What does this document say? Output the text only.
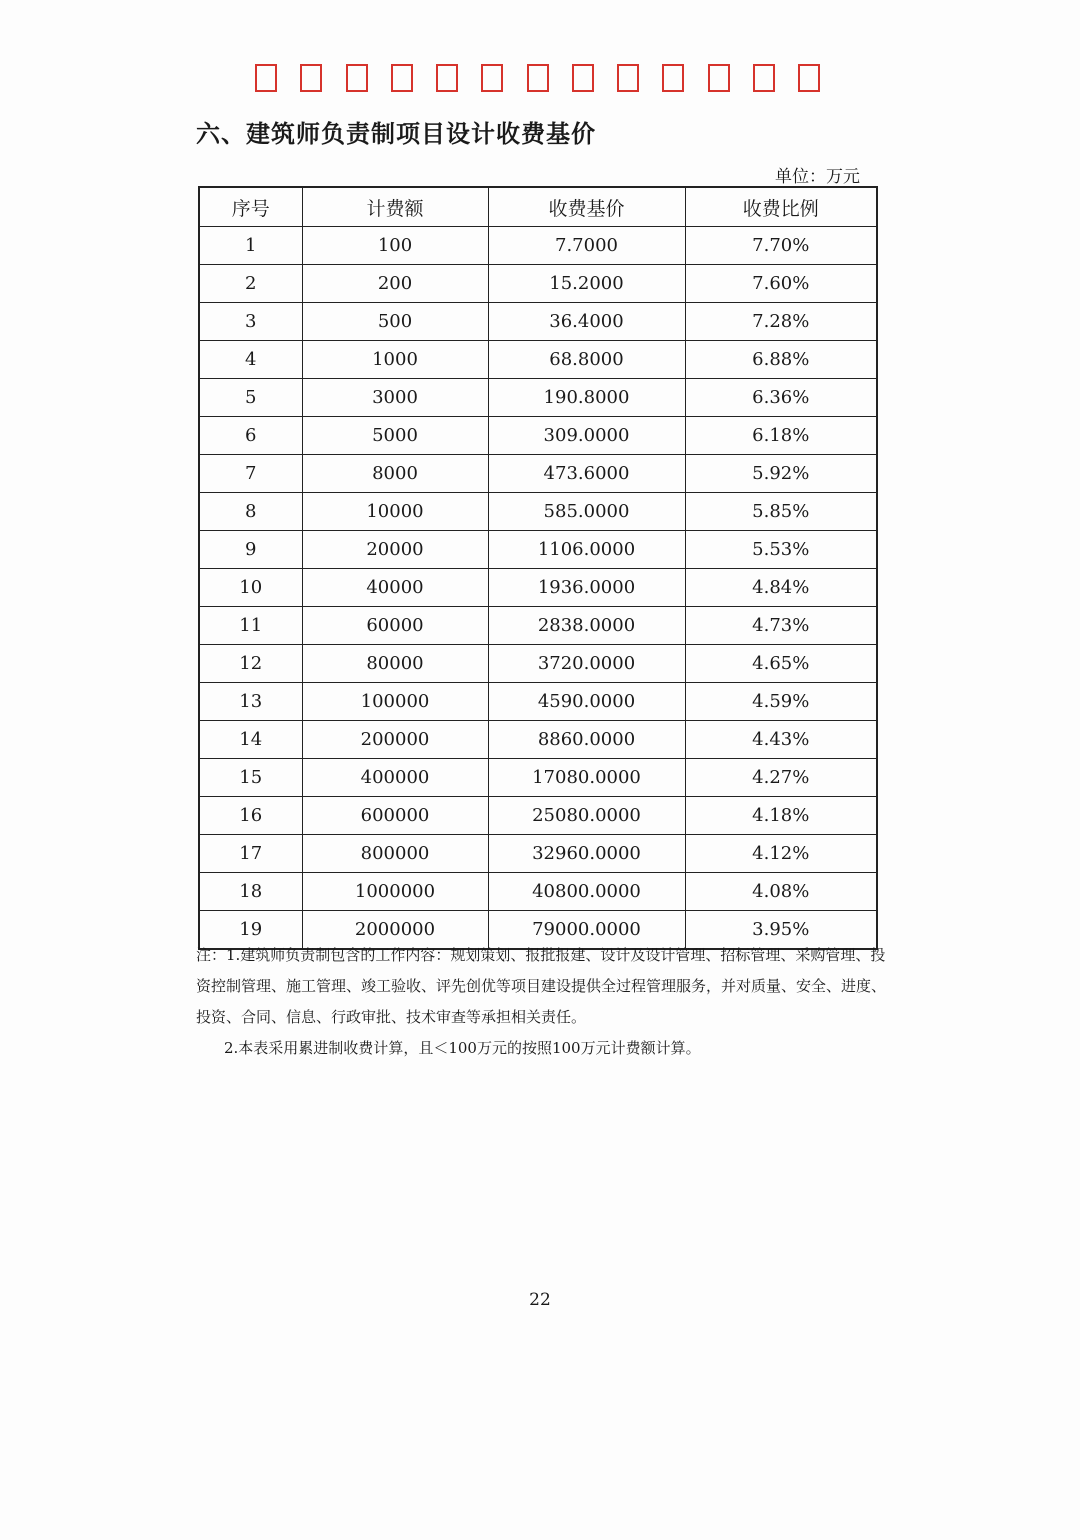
六、建筑师负责制项目设计收费基价
单位：万元
序号	计费额	收费基价	收费比例
1	100	7.7000	7.70%
2	200	15.2000	7.60%
3	500	36.4000	7.28%
4	1000	68.8000	6.88%
5	3000	190.8000	6.36%
6	5000	309.0000	6.18%
7	8000	473.6000	5.92%
8	10000	585.0000	5.85%
9	20000	1106.0000	5.53%
10	40000	1936.0000	4.84%
11	60000	2838.0000	4.73%
12	80000	3720.0000	4.65%
13	100000	4590.0000	4.59%
14	200000	8860.0000	4.43%
15	400000	17080.0000	4.27%
16	600000	25080.0000	4.18%
17	800000	32960.0000	4.12%
18	1000000	40800.0000	4.08%
19	2000000	79000.0000	3.95%

注：1.建筑师负责制包含的工作内容：规划策划、报批报建、设计及设计管理、招标管理、采购管理、投

资控制管理、施工管理、竣工验收、评先创优等项目建设提供全过程管理服务，并对质量、安全、进度、

投资、合同、信息、行政审批、技术审查等承担相关责任。

2.本表采用累进制收费计算，且＜100万元的按照100万元计费额计算。

22
